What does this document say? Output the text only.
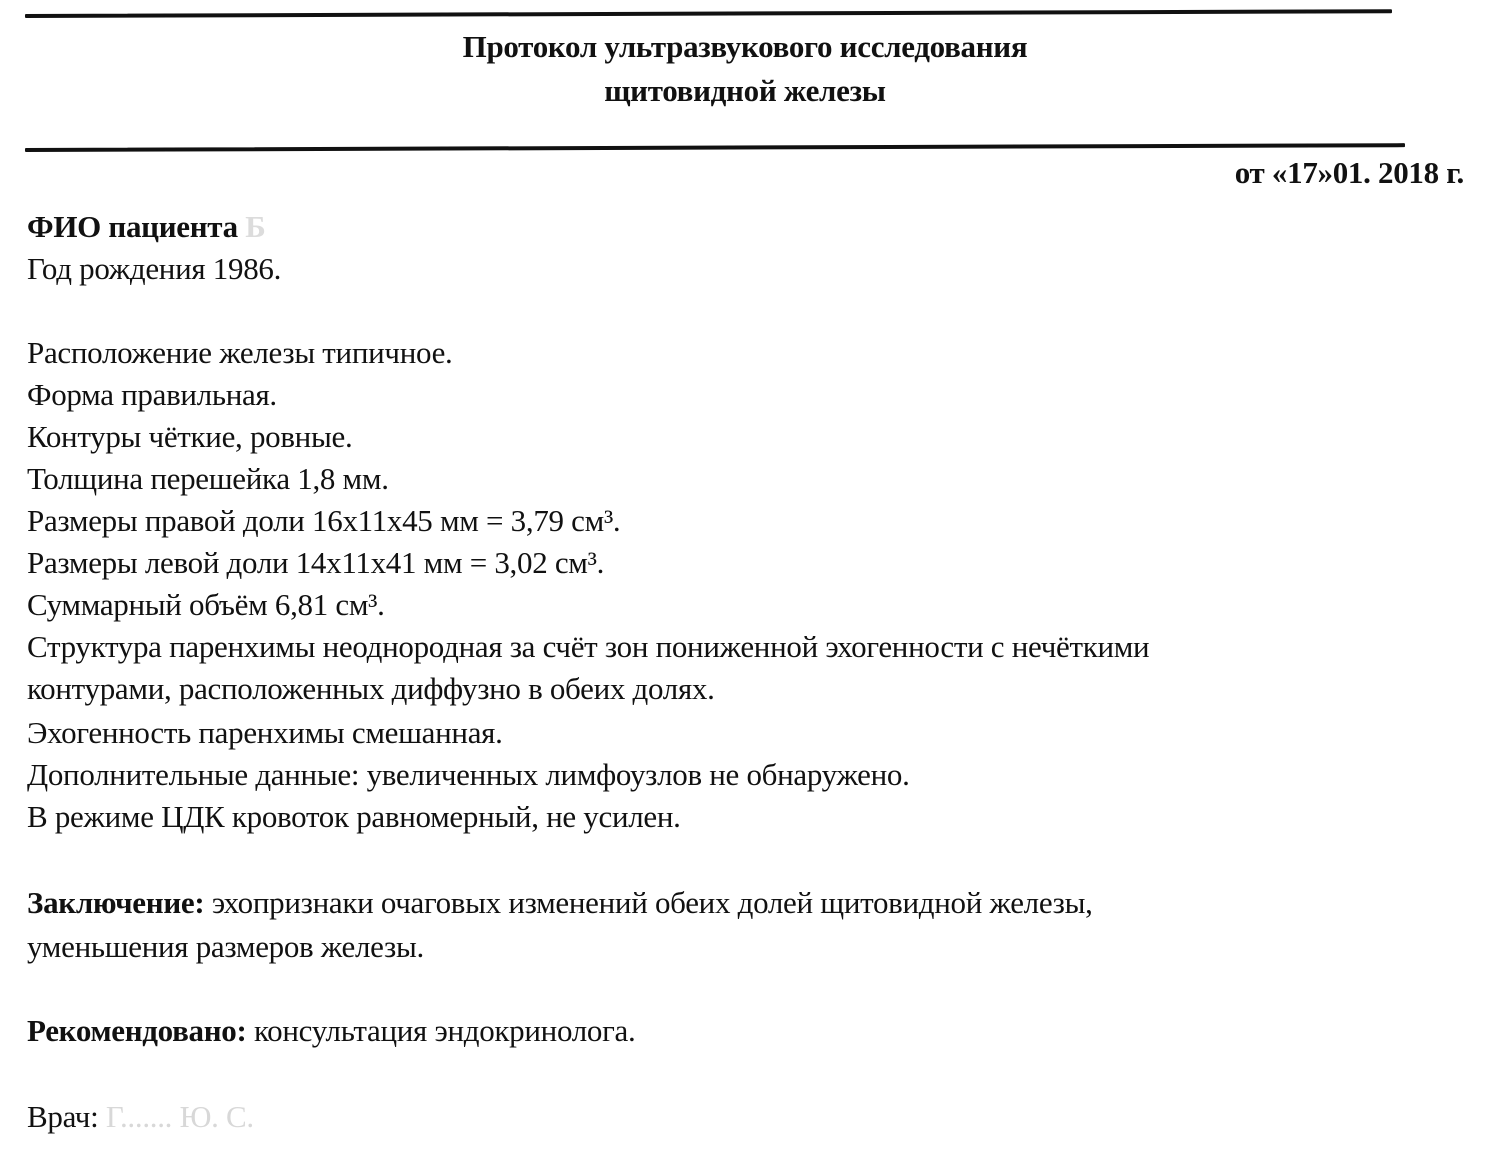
Протокол ультразвукового исследования
щитовидной железы
от «17»01. 2018 г.
ФИО пациента Б
Год рождения 1986.
Расположение железы типичное.
Форма правильная.
Контуры чёткие, ровные.
Толщина перешейка 1,8 мм.
Размеры правой доли 16x11x45 мм = 3,79 см³.
Размеры левой доли 14x11x41 мм = 3,02 см³.
Суммарный объём 6,81 см³.
Структура паренхимы неоднородная за счёт зон пониженной эхогенности с нечёткими
контурами, расположенных диффузно в обеих долях.
Эхогенность паренхимы смешанная.
Дополнительные данные: увеличенных лимфоузлов не обнаружено.
В режиме ЦДК кровоток равномерный, не усилен.
Заключение: эхопризнаки очаговых изменений обеих долей щитовидной железы,
уменьшения размеров железы.
Рекомендовано: консультация эндокринолога.
Врач: Г....... Ю. С.
